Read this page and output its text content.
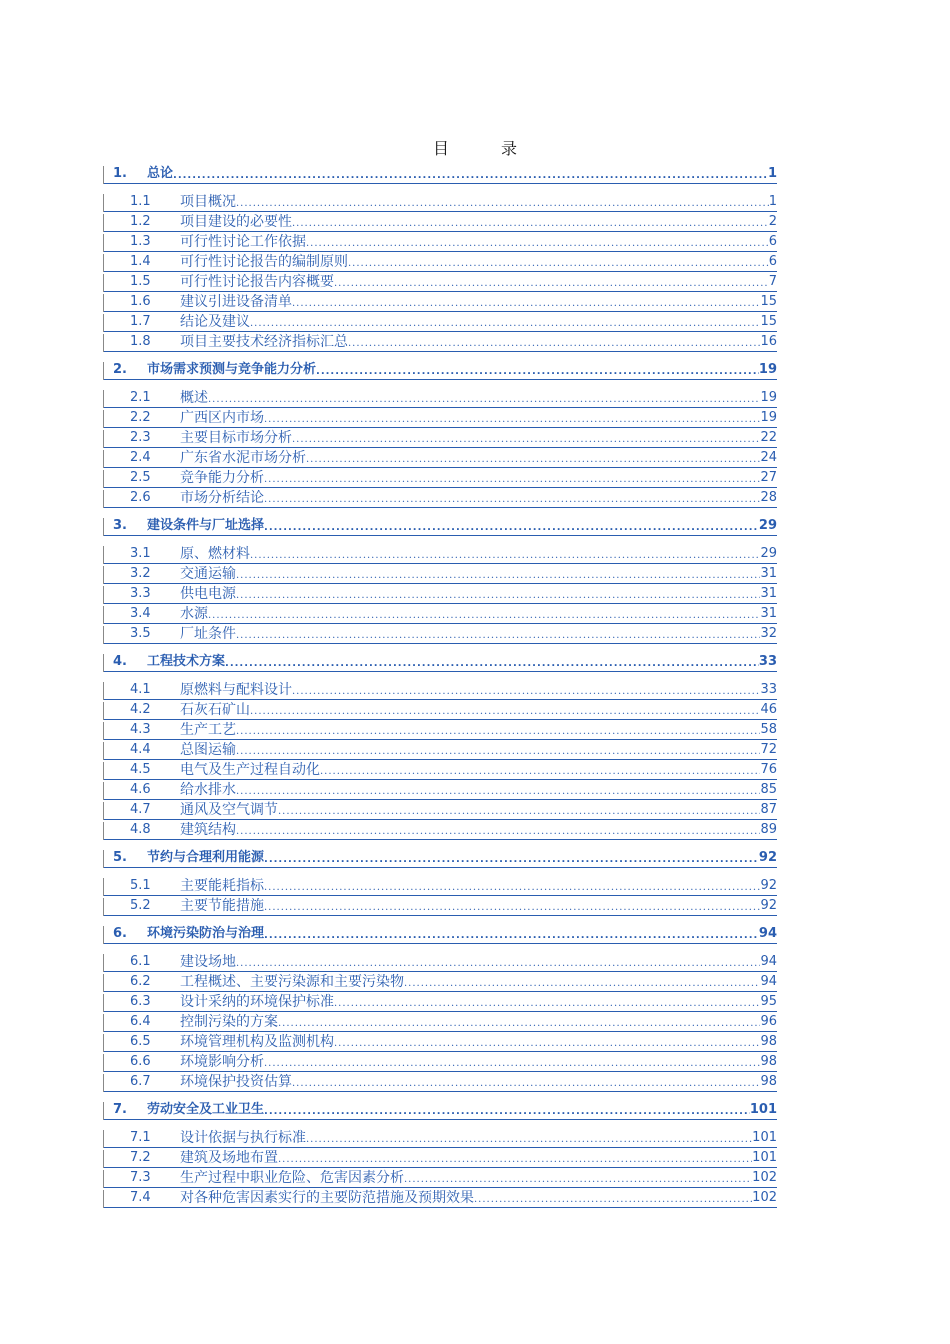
目	录
1.	总论 .....	1
1.1	项目概况 .....	1
1.2	项目建设的必要性 .....	2
1.3	可行性讨论工作依据 .....	6
1.4	可行性讨论报告的编制原则 .....	6
1.5	可行性讨论报告内容概要 .....	7
1.6	建议引进设备清单 .....	15
1.7	结论及建议 .....	15
1.8	项目主要技术经济指标汇总 .....	16
2.	市场需求预测与竞争能力分析 .....	19
2.1	概述 .....	19
2.2	广西区内市场 .....	19
2.3	主要目标市场分析 .....	22
2.4	广东省水泥市场分析 .....	24
2.5	竞争能力分析 .....	27
2.6	市场分析结论 .....	28
3.	建设条件与厂址选择 .....	29
3.1	原、燃材料 .....	29
3.2	交通运输 .....	31
3.3	供电电源 .....	31
3.4	水源 .....	31
3.5	厂址条件 .....	32
4.	工程技术方案 .....	33
4.1	原燃料与配料设计 .....	33
4.2	石灰石矿山 .....	46
4.3	生产工艺 .....	58
4.4	总图运输 .....	72
4.5	电气及生产过程自动化 .....	76
4.6	给水排水 .....	85
4.7	通风及空气调节 .....	87
4.8	建筑结构 .....	89
5.	节约与合理利用能源 .....	92
5.1	主要能耗指标 .....	92
5.2	主要节能措施 .....	92
6.	环境污染防治与治理 .....	94
6.1	建设场地 .....	94
6.2	工程概述、主要污染源和主要污染物 .....	94
6.3	设计采纳的环境保护标准 .....	95
6.4	控制污染的方案 .....	96
6.5	环境管理机构及监测机构 .....	98
6.6	环境影响分析 .....	98
6.7	环境保护投资估算 .....	98
7.	劳动安全及工业卫生 .....	101
7.1	设计依据与执行标准 .....	101
7.2	建筑及场地布置 .....	101
7.3	生产过程中职业危险、危害因素分析 .....	102
7.4	对各种危害因素实行的主要防范措施及预期效果 .....	102
